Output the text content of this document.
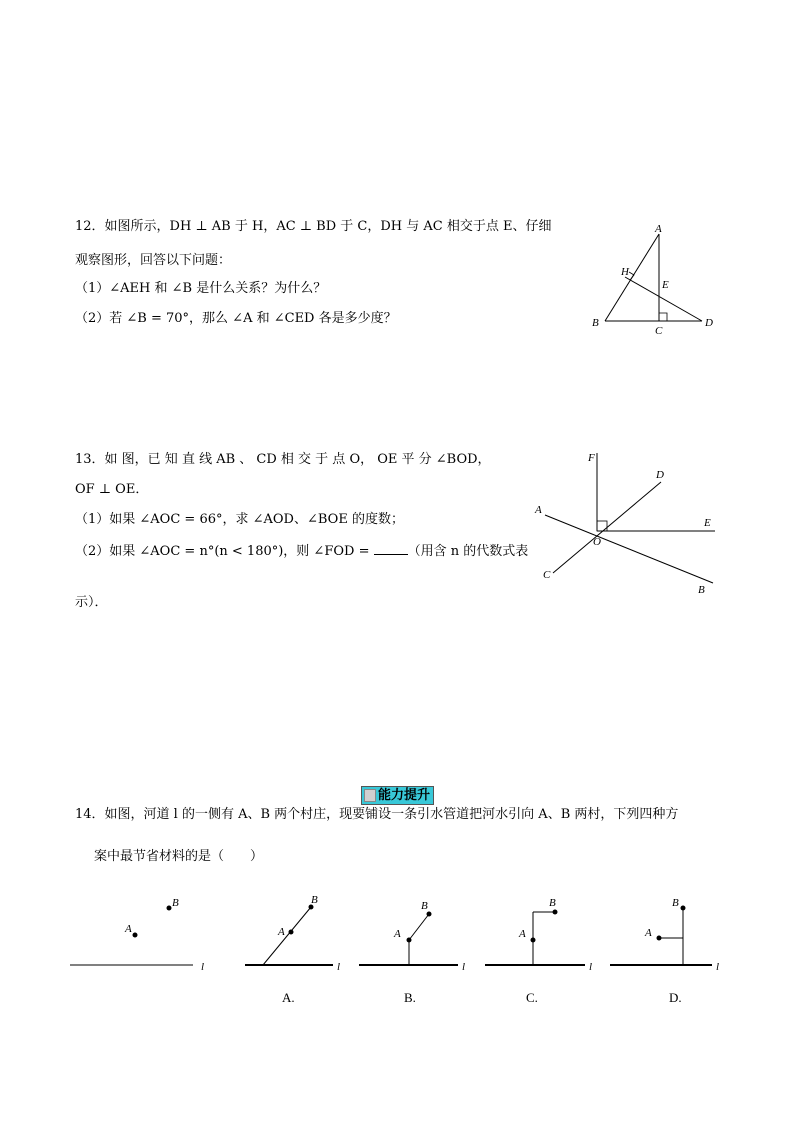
12．如图所示，DH ⊥ AB 于 H，AC ⊥ BD 于 C，DH 与 AC 相交于点 E、仔细
观察图形，回答以下问题：
（1）∠AEH 和 ∠B 是什么关系？为什么？
（2）若 ∠B = 70°，那么 ∠A 和 ∠CED 各是多少度？
A
H
E
B
C
D
13．如 图，已 知 直 线 AB 、 CD 相 交 于 点 O， OE 平 分 ∠BOD，
OF ⊥ OE．
（1）如果 ∠AOC = 66°，求 ∠AOD、∠BOE 的度数；
（2）如果 ∠AOC = n°(n < 180°)，则 ∠FOD =	（用含 n 的代数式表
示）．
F
D
A
E
O
C
B
能力提升
14．如图，河道 l 的一侧有 A、B 两个村庄，现要铺设一条引水管道把河水引向 A、B 两村，下列四种方
案中最节省材料的是（　　）
A
B
l
A
B
l
A
B
l
A
B
l
A
B
l
A.	B.	C.	D.
